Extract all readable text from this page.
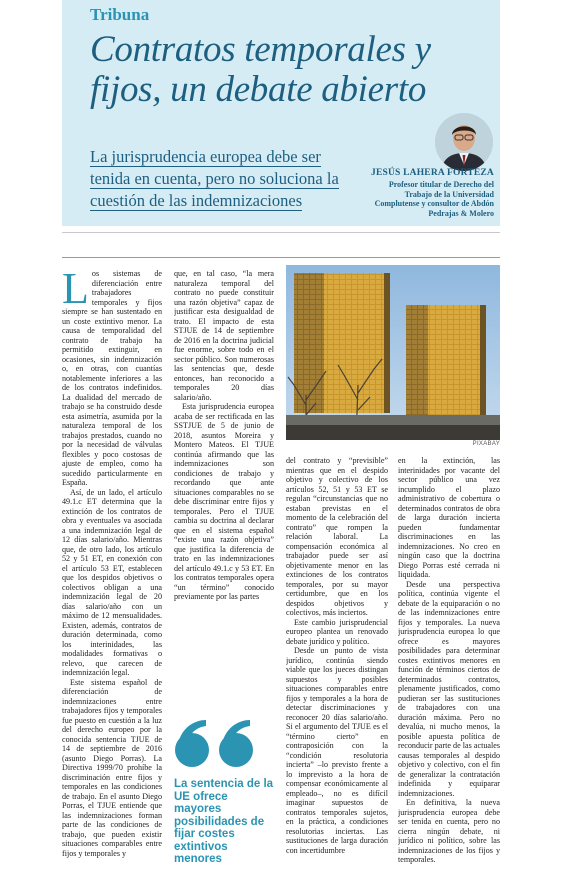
Tribuna
Contratos temporales y fijos, un debate abierto
La jurisprudencia europea debe ser tenida en cuenta, pero no soluciona la cuestión de las indemnizaciones
JESÚS LAHERA FORTEZA
Profesor titular de Derecho del Trabajo de la Universidad Complutense y consultor de Abdón Pedrajas & Molero

Los sistemas de diferenciación entre trabajadores temporales y fijos siempre se han sustentado en un coste extintivo menor. La causa de temporalidad del contrato de trabajo ha permitido extinguir, en ocasiones, sin indemnización o, en otras, con cuantías notablemente inferiores a las de los contratos indefinidos. La dualidad del mercado de trabajo se ha construido desde esta asimetría, asumida por la naturaleza temporal de los trabajos prestados, cuando no por la necesidad de válvulas flexibles y poco costosas de ajuste de empleo, como ha sucedido particularmente en España.

Así, de un lado, el artículo 49.1.c ET determina que la extinción de los contratos de obra y eventuales va asociada a una indemnización legal de 12 días salario/año. Mientras que, de otro lado, los artículo 52 y 51 ET, en conexión con el artículo 53 ET, establecen que los despidos objetivos o colectivos obligan a una indemnización legal de 20 días salario/año con un máximo de 12 mensualidades. Existen, además, contratos de duración determinada, como los interinidades, las modalidades formativas o relevo, que carecen de indemnización legal.

Este sistema español de diferenciación de indemnizaciones entre trabajadores fijos y temporales fue puesto en cuestión a la luz del derecho europeo por la conocida sentencia TJUE de 14 de septiembre de 2016 (asunto Diego Porras). La Directiva 1999/70 prohíbe la discriminación entre fijos y temporales en las condiciones de trabajo. En el asunto Diego Porras, el TJUE entiende que las indemnizaciones forman parte de las condiciones de trabajo, que pueden existir situaciones comparables entre fijos y temporales y

que, en tal caso, “la mera naturaleza temporal del contrato no puede constituir una razón objetiva” capaz de justificar esta desigualdad de trato. El impacto de esta STJUE de 14 de septiembre de 2016 en la doctrina judicial fue enorme, sobre todo en el sector público. Son numerosas las sentencias que, desde entonces, han reconocido a temporales 20 días salario/año.

Esta jurisprudencia europea acaba de ser rectificada en las SSTJUE de 5 de junio de 2018, asuntos Moreira y Montero Mateos. El TJUE continúa afirmando que las indemnizaciones son condiciones de trabajo y recordando que ante situaciones comparables no se debe discriminar entre fijos y temporales. Pero el TJUE cambia su doctrina al declarar que en el sistema español “existe una razón objetiva” que justifica la diferencia de trato en las indemnizaciones del artículo 49.1.c y 53 ET. En los contratos temporales opera “un término” conocido previamente por las partes

La sentencia de la UE ofrece mayores posibilidades de fijar costes extintivos menores
PIXABAY

del contrato y “previsible” mientras que en el despido objetivo y colectivo de los artículos 52, 51 y 53 ET se regulan “circunstancias que no estaban previstas en el momento de la celebración del contrato” que rompen la relación laboral. La compensación económica al trabajador puede ser así objetivamente menor en las extinciones de los contratos temporales, por su mayor certidumbre, que en los despidos objetivos y colectivos, más inciertos.

Este cambio jurisprudencial europeo plantea un renovado debate jurídico y político.

Desde un punto de vista jurídico, continúa siendo viable que los jueces distingan supuestos y posibles situaciones comparables entre fijos y temporales a la hora de detectar discriminaciones y reconocer 20 días salario/año. Si el argumento del TJUE es el “término cierto” en contraposición con la “condición resolutoria incierta” –lo previsto frente a lo imprevisto a la hora de compensar económicamente al empleado–, no es difícil imaginar supuestos de contratos temporales sujetos, en la práctica, a condiciones resolutorias inciertas. Las sustituciones de larga duración con incertidumbre

en la extinción, las interinidades por vacante del sector público una vez incumplido el plazo administrativo de cobertura o determinados contratos de obra de larga duración incierta pueden fundamentar discriminaciones en las indemnizaciones. No creo en ningún caso que la doctrina Diego Porras esté cerrada ni liquidada.

Desde una perspectiva política, continúa vigente el debate de la equiparación o no de las indemnizaciones entre fijos y temporales. La nueva jurisprudencia europea lo que ofrece es mayores posibilidades para determinar costes extintivos menores en función de términos ciertos de determinados contratos, plenamente justificados, como pudieran ser las sustituciones de trabajadores con una duración máxima. Pero no devalúa, ni mucho menos, la posible apuesta política de reconducir parte de las actuales causas temporales al despido objetivo y colectivo, con el fin de generalizar la contratación indefinida y equiparar indemnizaciones.

En definitiva, la nueva jurisprudencia europea debe ser tenida en cuenta, pero no cierra ningún debate, ni jurídico ni político, sobre las indemnizaciones de los fijos y temporales.
